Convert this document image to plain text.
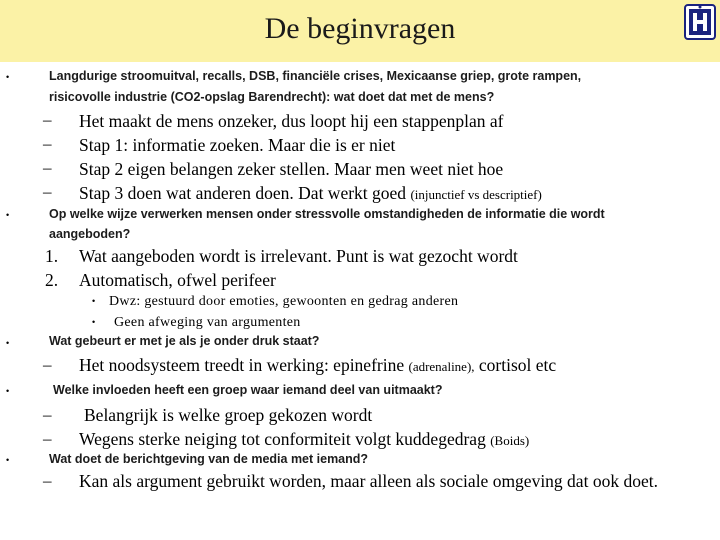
De beginvragen
•	Langdurige stroomuitval, recalls, DSB, financiële crises, Mexicaanse griep, grote rampen,
risicovolle industrie (CO2-opslag Barendrecht): wat doet dat met de mens?
– Het maakt de mens onzeker, dus loopt hij een stappenplan af
– Stap 1: informatie zoeken. Maar die is er niet
– Stap 2 eigen belangen zeker stellen. Maar men weet niet hoe
– Stap 3 doen wat anderen doen. Dat werkt goed (injunctief vs descriptief)
•	Op welke wijze verwerken mensen onder stressvolle omstandigheden de informatie die wordt
aangeboden?
1. Wat aangeboden wordt is irrelevant. Punt is wat gezocht wordt
2. Automatisch, ofwel perifeer
• Dwz: gestuurd door emoties, gewoonten en gedrag anderen
• Geen afweging van argumenten
•	Wat gebeurt er met je als je onder druk staat?
– Het noodsysteem treedt in werking: epinefrine (adrenaline), cortisol etc
•	Welke invloeden heeft een groep waar iemand deel van uitmaakt?
– Belangrijk is welke groep gekozen wordt
– Wegens sterke neiging tot conformiteit volgt kuddegedrag (Boids)
•	Wat doet de berichtgeving van de media met iemand?
– Kan als argument gebruikt worden, maar alleen als sociale omgeving dat ook doet.
